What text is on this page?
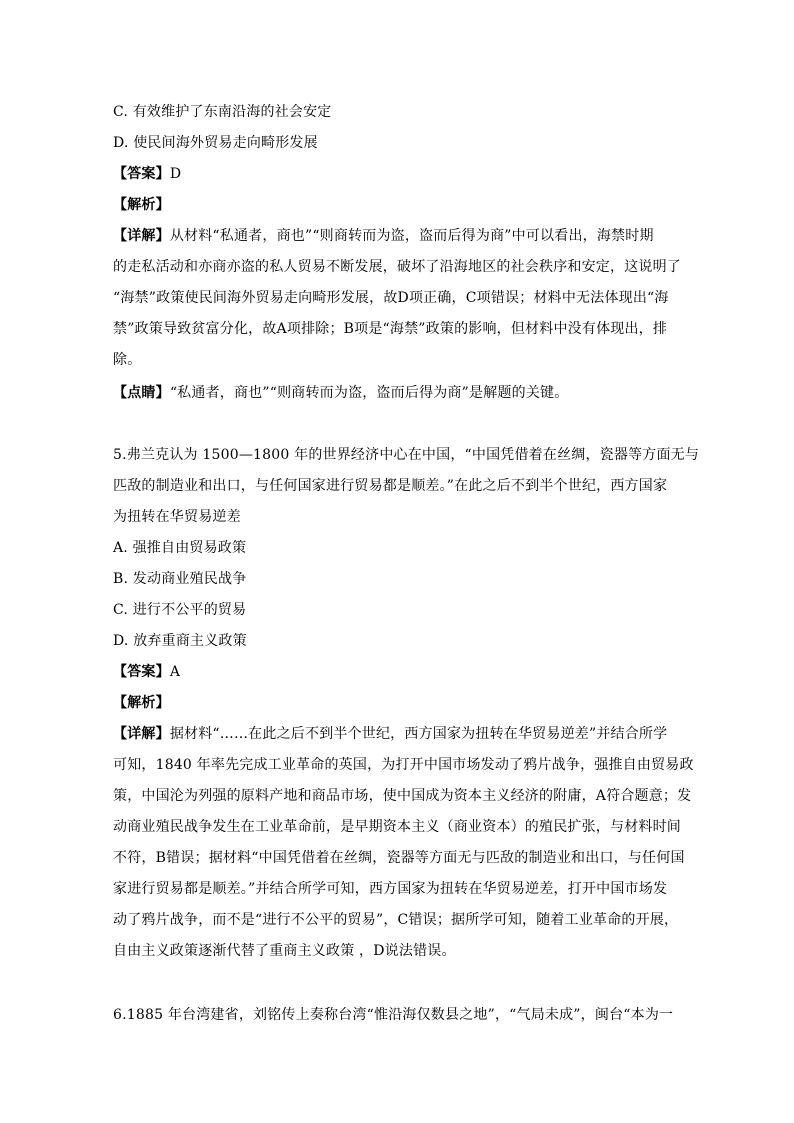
C. 有效维护了东南沿海的社会安定
D. 使民间海外贸易走向畸形发展
【答案】D
【解析】
【详解】从材料“私通者，商也”“则商转而为盗，盗而后得为商”中可以看出，海禁时期
的走私活动和亦商亦盗的私人贸易不断发展，破坏了沿海地区的社会秩序和安定，这说明了
“海禁”政策使民间海外贸易走向畸形发展，故D项正确，C项错误；材料中无法体现出“海
禁”政策导致贫富分化，故A项排除；B项是“海禁”政策的影响，但材料中没有体现出，排
除。
【点睛】“私通者，商也”“则商转而为盗，盗而后得为商”是解题的关键。
5.弗兰克认为 1500—1800 年的世界经济中心在中国，“中国凭借着在丝绸，瓷器等方面无与
匹敌的制造业和出口，与任何国家进行贸易都是顺差。”在此之后不到半个世纪，西方国家
为扭转在华贸易逆差
A. 强推自由贸易政策
B. 发动商业殖民战争
C. 进行不公平的贸易
D. 放弃重商主义政策
【答案】A
【解析】
【详解】据材料“……在此之后不到半个世纪，西方国家为扭转在华贸易逆差”并结合所学
可知，1840 年率先完成工业革命的英国，为打开中国市场发动了鸦片战争，强推自由贸易政
策，中国沦为列强的原料产地和商品市场，使中国成为资本主义经济的附庸，A符合题意；发
动商业殖民战争发生在工业革命前，是早期资本主义（商业资本）的殖民扩张，与材料时间
不符，B错误；据材料“中国凭借着在丝绸，瓷器等方面无与匹敌的制造业和出口，与任何国
家进行贸易都是顺差。”并结合所学可知，西方国家为扭转在华贸易逆差，打开中国市场发
动了鸦片战争，而不是“进行不公平的贸易”，C错误；据所学可知，随着工业革命的开展，
自由主义政策逐渐代替了重商主义政策 ，D说法错误。
6.1885 年台湾建省，刘铭传上奏称台湾“惟沿海仅数县之地”，“气局未成”，闽台“本为一
